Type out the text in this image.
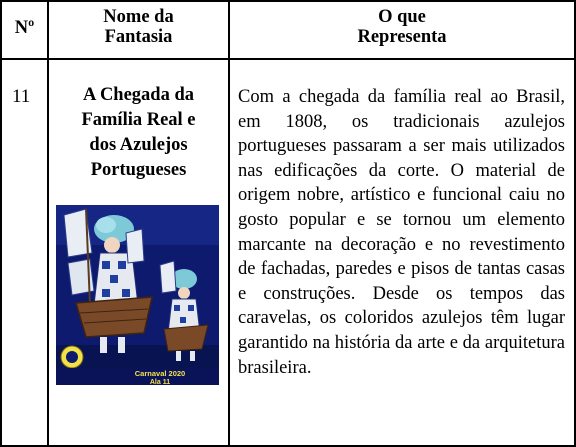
Nº
Nome da
Fantasia
O que
Representa
11	A Chegada da
Família Real e
dos Azulejos
Portugueses
Carnaval 2020
Ala 11
Com a chegada da família real ao Brasil, em 1808, os tradicionais azulejos portugueses passaram a ser mais utilizados nas edificações da corte. O material de origem nobre, artístico e funcional caiu no gosto popular e se tornou um elemento marcante na decoração e no revestimento de fachadas, paredes e pisos de tantas casas e construções. Desde os tempos das caravelas, os coloridos azulejos têm lugar garantido na história da arte e da arquitetura brasileira.
